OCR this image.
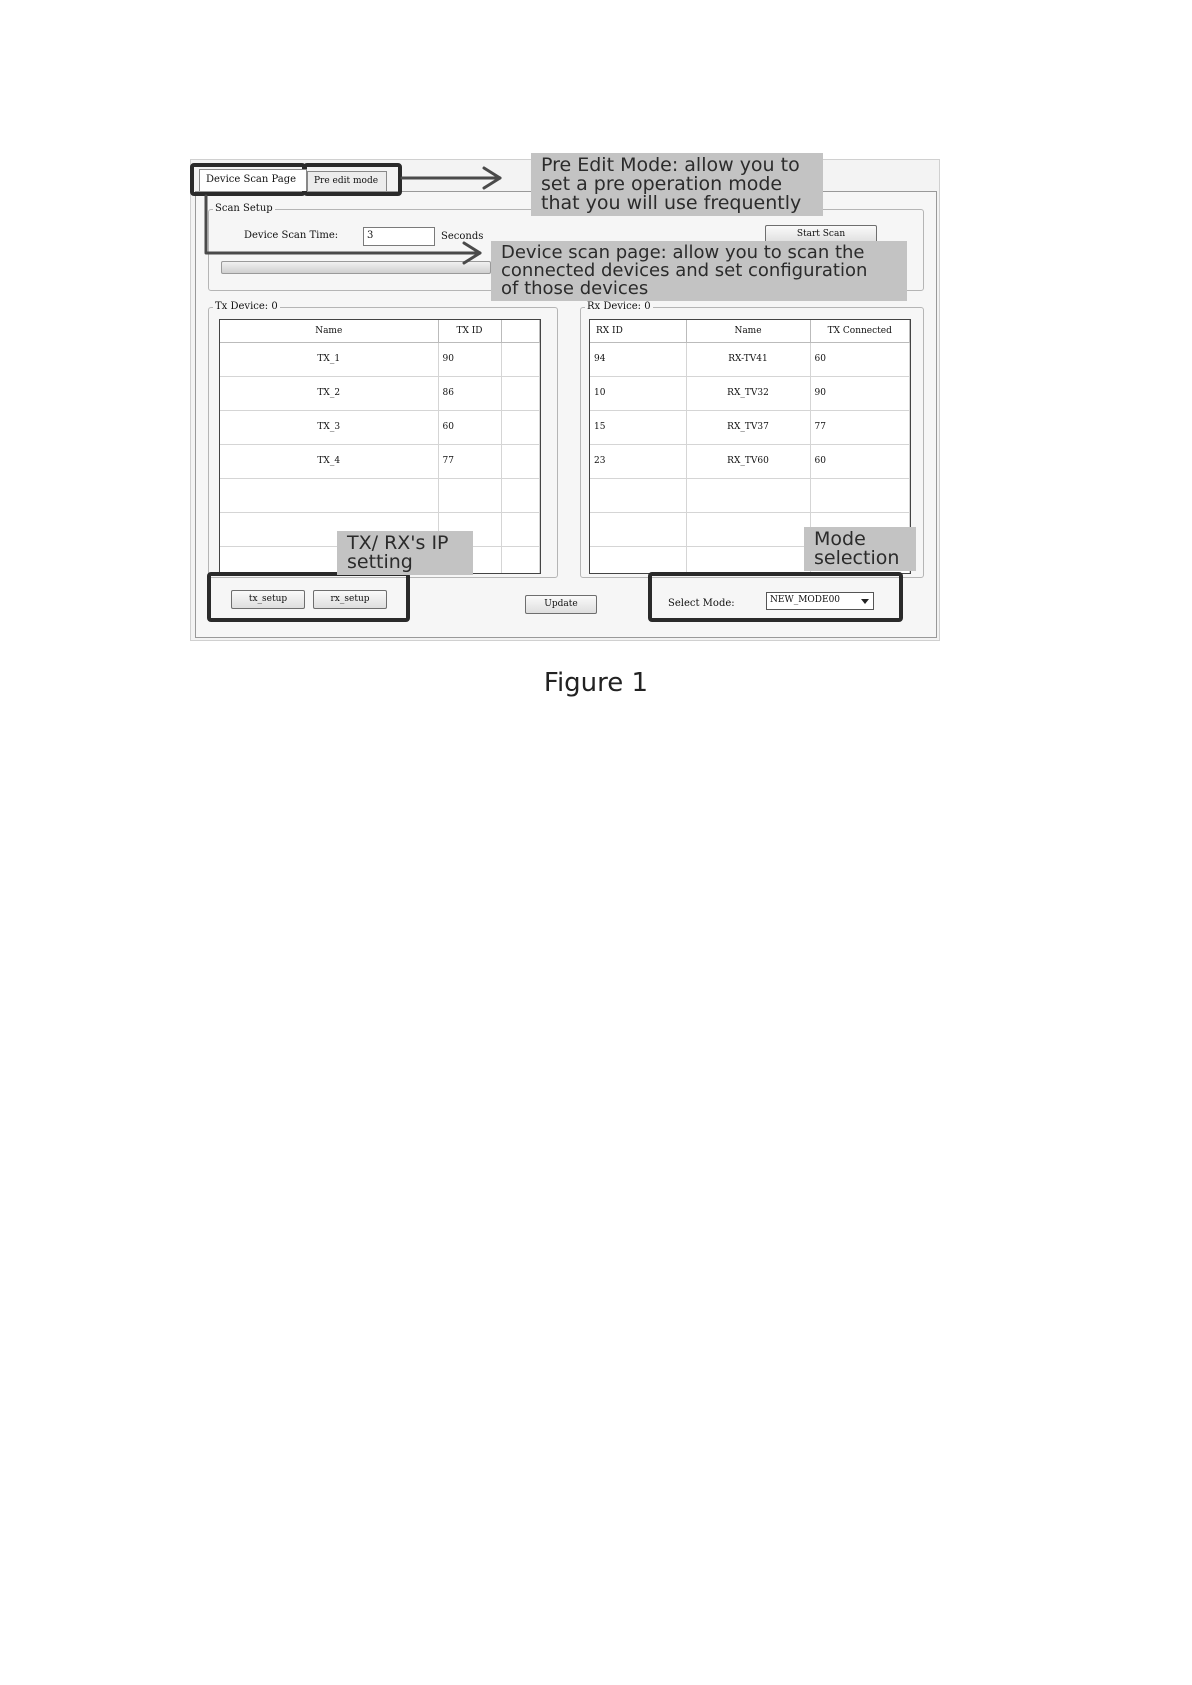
Device Scan Page	Pre edit mode
Scan Setup
Device Scan Time:	3	Seconds	Start Scan
Tx Device: 0
Name	TX ID	
TX_1	90	
TX_2	86	
TX_3	60	
TX_4	77	

Rx Device: 0
RX ID	Name	TX Connected
94	RX-TV41	60
10	RX_TV32	90
15	RX_TV37	77
23	RX_TV60	60

tx_setup	rx_setup	Update	Select Mode:	NEW_MODE00
Pre Edit Mode: allow you to
set a pre operation mode
that you will use frequently
Device scan page: allow you to scan the
connected devices and set configuration
of those devices
TX/ RX's IP
setting
Mode
selection
Figure 1
